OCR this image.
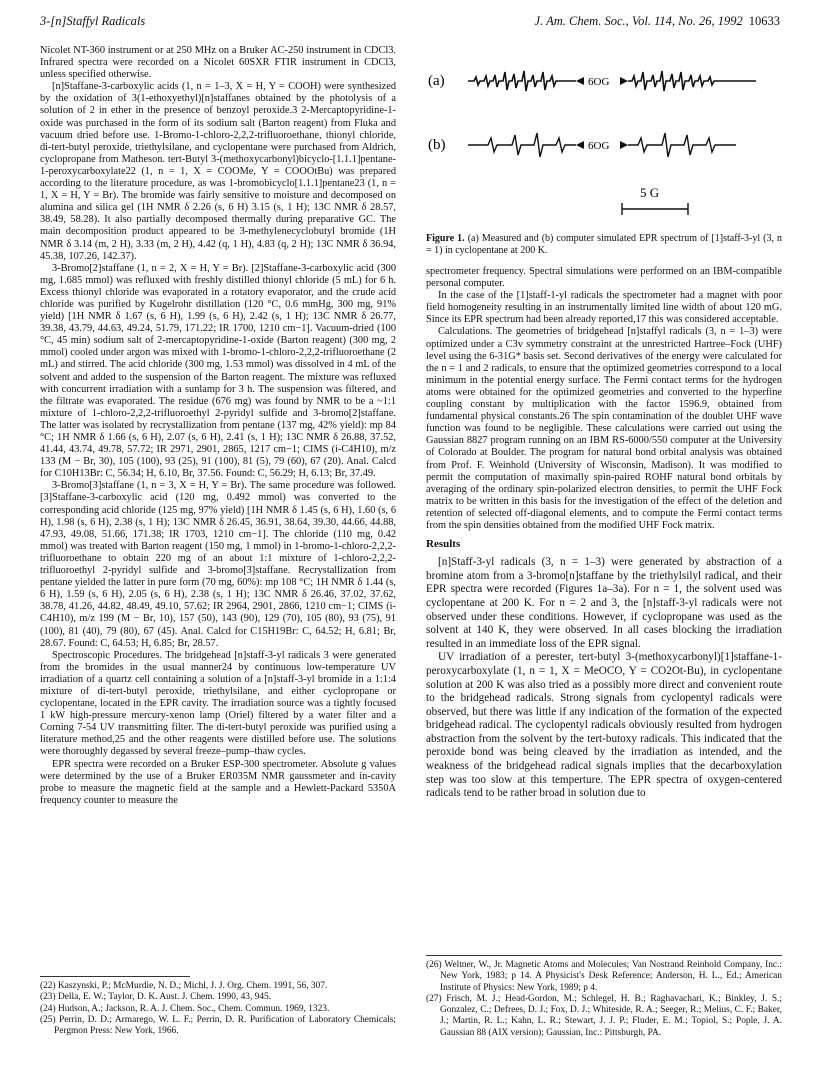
3-[n]Staffyl Radicals	J. Am. Chem. Soc., Vol. 114, No. 26, 1992 10633

Nicolet NT-360 instrument or at 250 MHz on a Bruker AC-250 instrument in CDCl3. Infrared spectra were recorded on a Nicolet 60SXR FTIR instrument in CDCl3, unless specified otherwise.

[n]Staffane-3-carboxylic acids (1, n = 1–3, X = H, Y = COOH) were synthesized by the oxidation of 3(1-ethoxyethyl)[n]staffanes obtained by the photolysis of a solution of 2 in ether in the presence of benzoyl peroxide.3 2-Mercaptopyridine-1-oxide was purchased in the form of its sodium salt (Barton reagent) from Fluka and vacuum dried before use. 1-Bromo-1-chloro-2,2,2-trifluoroethane, thionyl chloride, di-tert-butyl peroxide, triethylsilane, and cyclopentane were purchased from Aldrich, cyclopropane from Matheson. tert-Butyl 3-(methoxycarbonyl)bicyclo-[1.1.1]pentane-1-peroxycarboxylate22 (1, n = 1, X = COOMe, Y = COOOtBu) was prepared according to the literature procedure, as was 1-bromobicyclo[1.1.1]pentane23 (1, n = 1, X = H, Y = Br). The bromide was fairly sensitive to moisture and decomposed on alumina and silica gel (1H NMR δ 2.26 (s, 6 H) 3.15 (s, 1 H); 13C NMR δ 28.57, 38.49, 58.28). It also partially decomposed thermally during preparative GC. The main decomposition product appeared to be 3-methylenecyclobutyl bromide (1H NMR δ 3.14 (m, 2 H), 3.33 (m, 2 H), 4.42 (q, 1 H), 4.83 (q, 2 H); 13C NMR δ 36.94, 45.38, 107.26, 142.37).

3-Bromo[2]staffane (1, n = 2, X = H, Y = Br). [2]Staffane-3-carboxylic acid (300 mg, 1.685 mmol) was refluxed with freshly distilled thionyl chloride (5 mL) for 6 h. Excess thionyl chloride was evaporated in a rotatory evaporator, and the crude acid chloride was purified by Kugelrohr distillation (120 °C, 0.6 mmHg, 300 mg, 91% yield) [1H NMR δ 1.67 (s, 6 H), 1.99 (s, 6 H), 2.42 (s, 1 H); 13C NMR δ 26.77, 39.38, 43.79, 44.63, 49.24, 51.79, 171.22; IR 1700, 1210 cm−1]. Vacuum-dried (100 °C, 45 min) sodium salt of 2-mercaptopyridine-1-oxide (Barton reagent) (300 mg, 2 mmol) cooled under argon was mixed with 1-bromo-1-chloro-2,2,2-trifluoroethane (2 mL) and stirred. The acid chloride (300 mg, 1.53 mmol) was dissolved in 4 mL of the solvent and added to the suspension of the Barton reagent. The mixture was refluxed with concurrent irradiation with a sunlamp for 3 h. The suspension was filtered, and the filtrate was evaporated. The residue (676 mg) was found by NMR to be a ~1:1 mixture of 1-chloro-2,2,2-trifluoroethyl 2-pyridyl sulfide and 3-bromo[2]staffane. The latter was isolated by recrystallization from pentane (137 mg, 42% yield): mp 84 °C; 1H NMR δ 1.66 (s, 6 H), 2.07 (s, 6 H), 2.41 (s, 1 H); 13C NMR δ 26.88, 37.52, 41.44, 43.74, 49.78, 57.72; IR 2971, 2901, 2865, 1217 cm−1; CIMS (i-C4H10), m/z 133 (M − Br, 30), 105 (100), 93 (25), 91 (100), 81 (5), 79 (60), 67 (20). Anal. Calcd for C10H13Br: C, 56.34; H, 6.10, Br, 37.56. Found: C, 56.29; H, 6.13; Br, 37.49.

3-Bromo[3]staffane (1, n = 3, X = H, Y = Br). The same procedure was followed. [3]Staffane-3-carboxylic acid (120 mg, 0.492 mmol) was converted to the corresponding acid chloride (125 mg, 97% yield) [1H NMR δ 1.45 (s, 6 H), 1.60 (s, 6 H), 1.98 (s, 6 H), 2.38 (s, 1 H); 13C NMR δ 26.45, 36.91, 38.64, 39.30, 44.66, 44.88, 47.93, 49.08, 51.66, 171.38; IR 1703, 1210 cm−1]. The chloride (110 mg, 0.42 mmol) was treated with Barton reagent (150 mg, 1 mmol) in 1-bromo-1-chloro-2,2,2-trifluoroethane to obtain 220 mg of an about 1:1 mixture of 1-chloro-2,2,2-trifluoroethyl 2-pyridyl sulfide and 3-bromo[3]staffane. Recrystallization from pentane yielded the latter in pure form (70 mg, 60%): mp 108 °C; 1H NMR δ 1.44 (s, 6 H), 1.59 (s, 6 H), 2.05 (s, 6 H), 2.38 (s, 1 H); 13C NMR δ 26.46, 37.02, 37.62, 38.78, 41.26, 44.82, 48.49, 49.10, 57.62; IR 2964, 2901, 2866, 1210 cm−1; CIMS (i-C4H10), m/z 199 (M − Br, 10), 157 (50), 143 (90), 129 (70), 105 (80), 93 (75), 91 (100), 81 (40), 79 (80), 67 (45). Anal. Calcd for C15H19Br: C, 64.52; H, 6.81; Br, 28.67. Found: C, 64.53; H, 6.85; Br, 28.57.

Spectroscopic Procedures. The bridgehead [n]staff-3-yl radicals 3 were generated from the bromides in the usual manner24 by continuous low-temperature UV irradiation of a quartz cell containing a solution of a [n]staff-3-yl bromide in a 1:1:4 mixture of di-tert-butyl peroxide, triethylsilane, and either cyclopropane or cyclopentane, located in the EPR cavity. The irradiation source was a tightly focused 1 kW high-pressure mercury-xenon lamp (Oriel) filtered by a water filter and a Corning 7-54 UV transmitting filter. The di-tert-butyl peroxide was purified using a literature method,25 and the other reagents were distilled before use. The solutions were thoroughly degassed by several freeze–pump–thaw cycles.

EPR spectra were recorded on a Bruker ESP-300 spectrometer. Absolute g values were determined by the use of a Bruker ER035M NMR gaussmeter and in-cavity probe to measure the magnetic field at the sample and a Hewlett-Packard 5350A frequency counter to measure the

(a)	6OG
(b)	6OG
5 G

Figure 1. (a) Measured and (b) computer simulated EPR spectrum of [1]staff-3-yl (3, n = 1) in cyclopentane at 200 K.

spectrometer frequency. Spectral simulations were performed on an IBM-compatible personal computer.

In the case of the [1]staff-1-yl radicals the spectrometer had a magnet with poor field homogeneity resulting in an instrumentally limited line width of about 120 mG. Since its EPR spectrum had been already reported,17 this was considered acceptable.

Calculations. The geometries of bridgehead [n]staffyl radicals (3, n = 1–3) were optimized under a C3v symmetry constraint at the unrestricted Hartree–Fock (UHF) level using the 6-31G* basis set. Second derivatives of the energy were calculated for the n = 1 and 2 radicals, to ensure that the optimized geometries correspond to a local minimum in the potential energy surface. The Fermi contact terms for the hydrogen atoms were obtained for the optimized geometries and converted to the hyperfine coupling constant by multiplication with the factor 1596.9, obtained from fundamental physical constants.26 The spin contamination of the doublet UHF wave function was found to be negligible. These calculations were carried out using the Gaussian 8827 program running on an IBM RS-6000/550 computer at the University of Colorado at Boulder. The program for natural bond orbital analysis was obtained from Prof. F. Weinhold (University of Wisconsin, Madison). It was modified to permit the computation of maximally spin-paired ROHF natural bond orbitals by averaging of the ordinary spin-polarized electron densities, to permit the UHF Fock matrix to be written in this basis for the investigation of the effect of the deletion and retention of selected off-diagonal elements, and to compute the Fermi contact terms from the spin densities obtained from the modified UHF Fock matrix.

Results

[n]Staff-3-yl radicals (3, n = 1–3) were generated by abstraction of a bromine atom from a 3-bromo[n]staffane by the triethylsilyl radical, and their EPR spectra were recorded (Figures 1a–3a). For n = 1, the solvent used was cyclopentane at 200 K. For n = 2 and 3, the [n]staff-3-yl radicals were not observed under these conditions. However, if cyclopropane was used as the solvent at 140 K, they were observed. In all cases blocking the irradiation resulted in an immediate loss of the EPR signal.

UV irradiation of a perester, tert-butyl 3-(methoxycarbonyl)[1]staffane-1-peroxycarboxylate (1, n = 1, X = MeOCO, Y = CO2Ot-Bu), in cyclopentane solution at 200 K was also tried as a possibly more direct and convenient route to the bridgehead radicals. Strong signals from cyclopentyl radicals were observed, but there was little if any indication of the formation of the expected bridgehead radical. The cyclopentyl radicals obviously resulted from hydrogen abstraction from the solvent by the tert-butoxy radicals. This indicated that the peroxide bond was being cleaved by the irradiation as intended, and the weakness of the bridgehead radical signals implies that the decarboxylation step was too slow at this temperture. The EPR spectra of oxygen-centered radicals tend to be rather broad in solution due to

(22) Kaszynski, P.; McMurdie, N. D.; Michl, J. J. Org. Chem. 1991, 56, 307.
(23) Della, E. W.; Taylor, D. K. Aust. J. Chem. 1990, 43, 945.
(24) Hudson, A.; Jackson, R. A. J. Chem. Soc., Chem. Commun. 1969, 1323.
(25) Perrin, D. D.; Armarego, W. L. F.; Perrin, D. R. Purification of Laboratory Chemicals; Pergmon Press: New York, 1966.
(26) Weltner, W., Jr. Magnetic Atoms and Molecules; Van Nostrand Reinhold Company, Inc.: New York, 1983; p 14. A Physicist's Desk Reference; Anderson, H. L., Ed.; American Institute of Physics: New York, 1989; p 4.
(27) Frisch, M. J.; Head-Gordon, M.; Schlegel, H. B.; Raghavachari, K.; Binkley, J. S.; Gonzalez, C.; Defrees, D. J.; Fox, D. J.; Whiteside, R. A.; Seeger, R.; Melius, C. F.; Baker, J.; Martin, R. L.; Kahn, L. R.; Stewart, J. J. P.; Fluder, E. M.; Topiol, S.; Pople, J. A. Gaussian 88 (AIX version); Gaussian, Inc.: Pittsburgh, PA.
